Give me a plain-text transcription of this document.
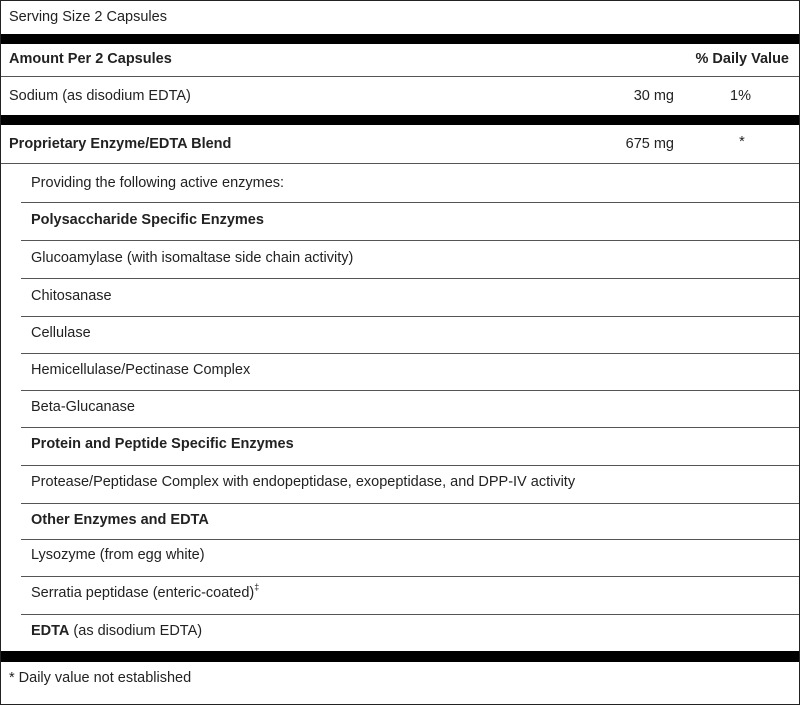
Serving Size 2 Capsules
Amount Per 2 Capsules	% Daily Value
Sodium (as disodium EDTA)	30 mg	1%
Proprietary Enzyme/EDTA Blend	675 mg	*
Providing the following active enzymes:
Polysaccharide Specific Enzymes
Glucoamylase (with isomaltase side chain activity)
Chitosanase
Cellulase
Hemicellulase/Pectinase Complex
Beta-Glucanase
Protein and Peptide Specific Enzymes
Protease/Peptidase Complex with endopeptidase, exopeptidase, and DPP-IV activity
Other Enzymes and EDTA
Lysozyme (from egg white)
Serratia peptidase (enteric-coated)‡
EDTA (as disodium EDTA)
* Daily value not established
